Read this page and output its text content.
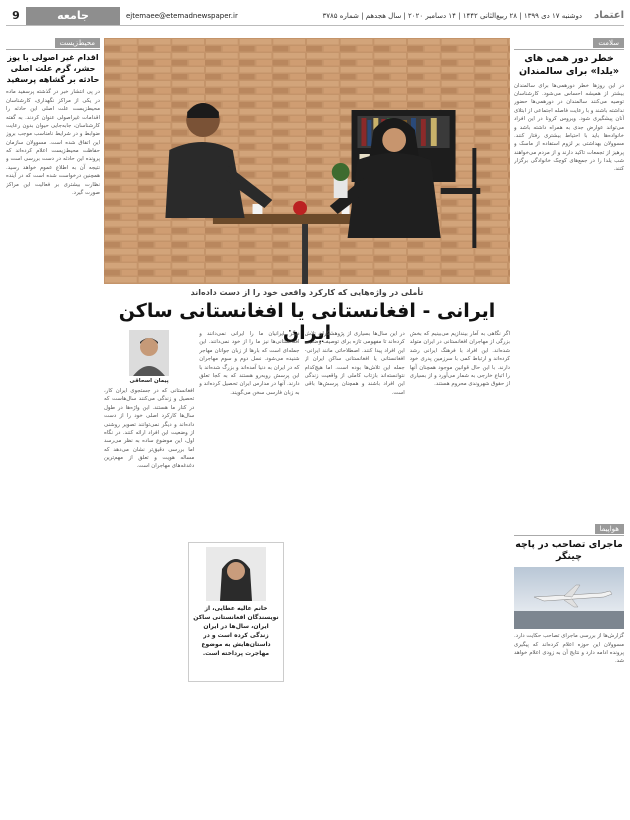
اعتماد
دوشنبه ۱۷ دی ۱۳۹۹ | ۲۸ ربیع‌الثانی ۱۴۴۲ | ۱۴ دسامبر ۲۰۲۰ | سال هجدهم | شماره ۳۷۸۵
ejtemaee@etemadnewspaper.ir
جامعه
9
سلامت
خطر دور همی های «یلدا» برای سالمندان
در این روزها خطر دورهمی‌ها برای سالمندان بیشتر از همیشه احساس می‌شود. کارشناسان توصیه می‌کنند سالمندان در دورهمی‌ها حضور نداشته باشند و با رعایت فاصله اجتماعی از ابتلای آنان پیشگیری شود. ویروس کرونا در این افراد می‌تواند عوارض جدی به همراه داشته باشد و خانواده‌ها باید با احتیاط بیشتری رفتار کنند. مسوولان بهداشتی بر لزوم استفاده از ماسک و پرهیز از تجمعات تاکید دارند و از مردم می‌خواهند شب یلدا را در جمع‌های کوچک خانوادگی برگزار کنند.
هواپیما
ماجرای تصاحب در پاچه چینگر
گزارش‌ها از بررسی ماجرای تصاحب حکایت دارد. مسوولان این حوزه اعلام کرده‌اند که پیگیری پرونده ادامه دارد و نتایج آن به زودی اعلام خواهد شد.
محیط‌زیست
اقدام غیر اصولی با یوز حشر، گرم علت اصلی حادثه بر گشاهه پرسفید
در پی انتشار خبر در گذشته پرسفید ماده در یکی از مراکز نگهداری، کارشناسان محیط‌زیست علت اصلی این حادثه را اقدامات غیراصولی عنوان کردند. به گفته کارشناسان، جابه‌جایی حیوان بدون رعایت ضوابط و در شرایط نامناسب موجب بروز این اتفاق شده است. مسوولان سازمان حفاظت محیط‌زیست اعلام کرده‌اند که پرونده این حادثه در دست بررسی است و نتیجه آن به اطلاع عموم خواهد رسید. همچنین درخواست شده است که در آینده نظارت بیشتری بر فعالیت این مراکز صورت گیرد.
تأملی در واژه‌هایی که کارکرد واقعی خود را از دست داده‌اند
ایرانی - افغانستانی یا افغانستانی ساکن ایران	اگر نگاهی به آمار بیندازیم می‌بینیم که بخش بزرگی از مهاجران افغانستانی در ایران متولد شده‌اند. این افراد با فرهنگ ایرانی رشد کرده‌اند و ارتباط کمی با سرزمین پدری خود دارند. با این حال قوانین موجود همچنان آنها را اتباع خارجی به شمار می‌آورد و از بسیاری از حقوق شهروندی محروم هستند.
در این سال‌ها بسیاری از پژوهشگران تلاش کرده‌اند تا مفهومی تازه برای توصیف وضعیت این افراد پیدا کنند. اصطلاحاتی مانند ایرانی-افغانستانی یا افغانستانی ساکن ایران از جمله این تلاش‌ها بوده است. اما هیچ‌کدام نتوانسته‌اند بازتاب کاملی از واقعیت زندگی این افراد باشند و همچنان پرسش‌ها باقی است.
دیگر ایرانیان ما را ایرانی نمی‌دانند و افغانستانی‌ها نیز ما را از خود نمی‌دانند. این جمله‌ای است که بارها از زبان جوانان مهاجر شنیده می‌شود. نسل دوم و سوم مهاجران که در ایران به دنیا آمده‌اند و بزرگ شده‌اند با این پرسش روبه‌رو هستند که به کجا تعلق دارند. آنها در مدارس ایران تحصیل کرده‌اند و به زبان فارسی سخن می‌گویند.
پیمان اسحاقی
افغانستانی که در جستجوی ایران کار، تحصیل و زندگی می‌کنند سال‌هاست که در کنار ما هستند. این واژه‌ها در طول سال‌ها کارکرد اصلی خود را از دست داده‌اند و دیگر نمی‌توانند تصویر روشنی از وضعیت این افراد ارائه کنند. در نگاه اول، این موضوع ساده به نظر می‌رسد اما بررسی دقیق‌تر نشان می‌دهد که مساله هویت و تعلق از مهم‌ترین دغدغه‌های مهاجران است.
خانم عالیه عطایی، از نویسندگان افغانستانی ساکن ایران، سال‌ها در ایران زندگی کرده است و در داستان‌هایش به موضوع مهاجرت پرداخته است.
